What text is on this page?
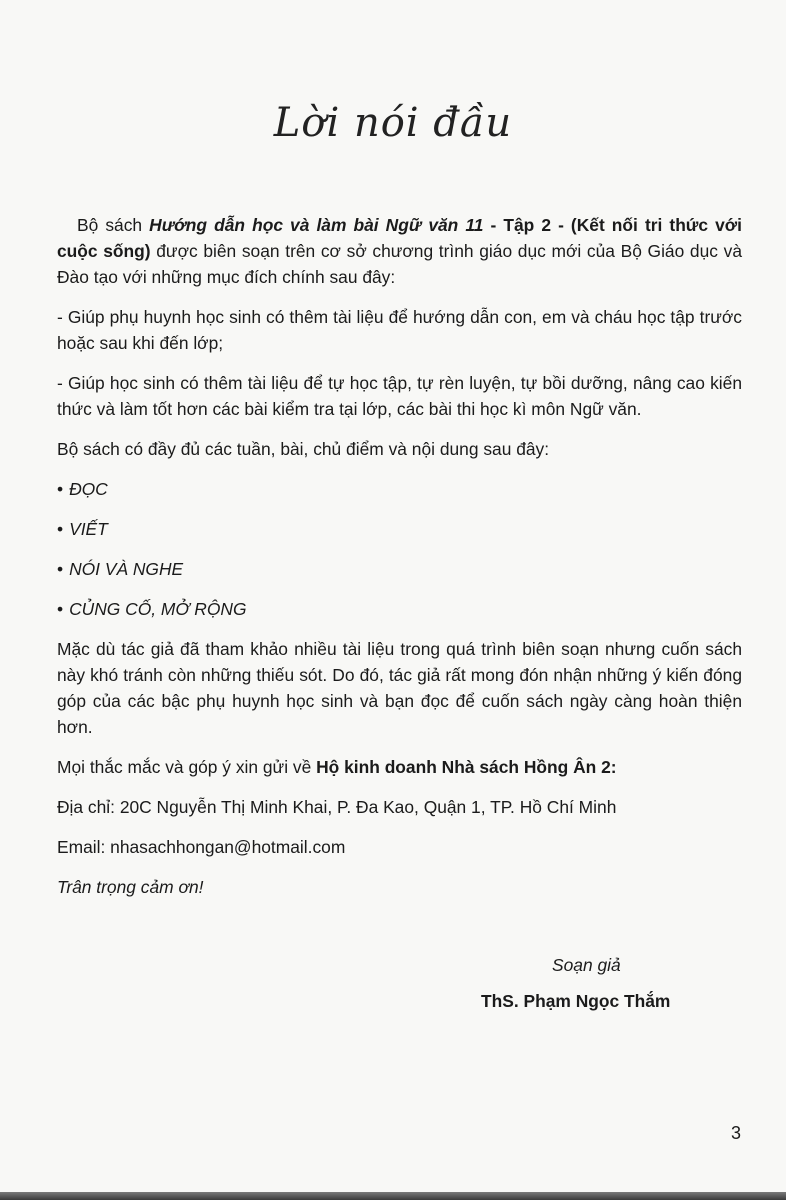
Lời nói đầu

Bộ sách Hướng dẫn học và làm bài Ngữ văn 11 - Tập 2 - (Kết nối tri thức với cuộc sống) được biên soạn trên cơ sở chương trình giáo dục mới của Bộ Giáo dục và Đào tạo với những mục đích chính sau đây:

- Giúp phụ huynh học sinh có thêm tài liệu để hướng dẫn con, em và cháu học tập trước hoặc sau khi đến lớp;

- Giúp học sinh có thêm tài liệu để tự học tập, tự rèn luyện, tự bồi dưỡng, nâng cao kiến thức và làm tốt hơn các bài kiểm tra tại lớp, các bài thi học kì môn Ngữ văn.

Bộ sách có đầy đủ các tuần, bài, chủ điểm và nội dung sau đây:

• ĐỌC
• VIẾT
• NÓI VÀ NGHE
• CỦNG CỐ, MỞ RỘNG

Mặc dù tác giả đã tham khảo nhiều tài liệu trong quá trình biên soạn nhưng cuốn sách này khó tránh còn những thiếu sót. Do đó, tác giả rất mong đón nhận những ý kiến đóng góp của các bậc phụ huynh học sinh và bạn đọc để cuốn sách ngày càng hoàn thiện hơn.

Mọi thắc mắc và góp ý xin gửi về Hộ kinh doanh Nhà sách Hồng Ân 2:

Địa chỉ: 20C Nguyễn Thị Minh Khai, P. Đa Kao, Quận 1, TP. Hồ Chí Minh

Email: nhasachhongan@hotmail.com

Trân trọng cảm ơn!

Soạn giả
ThS. Phạm Ngọc Thắm
3
